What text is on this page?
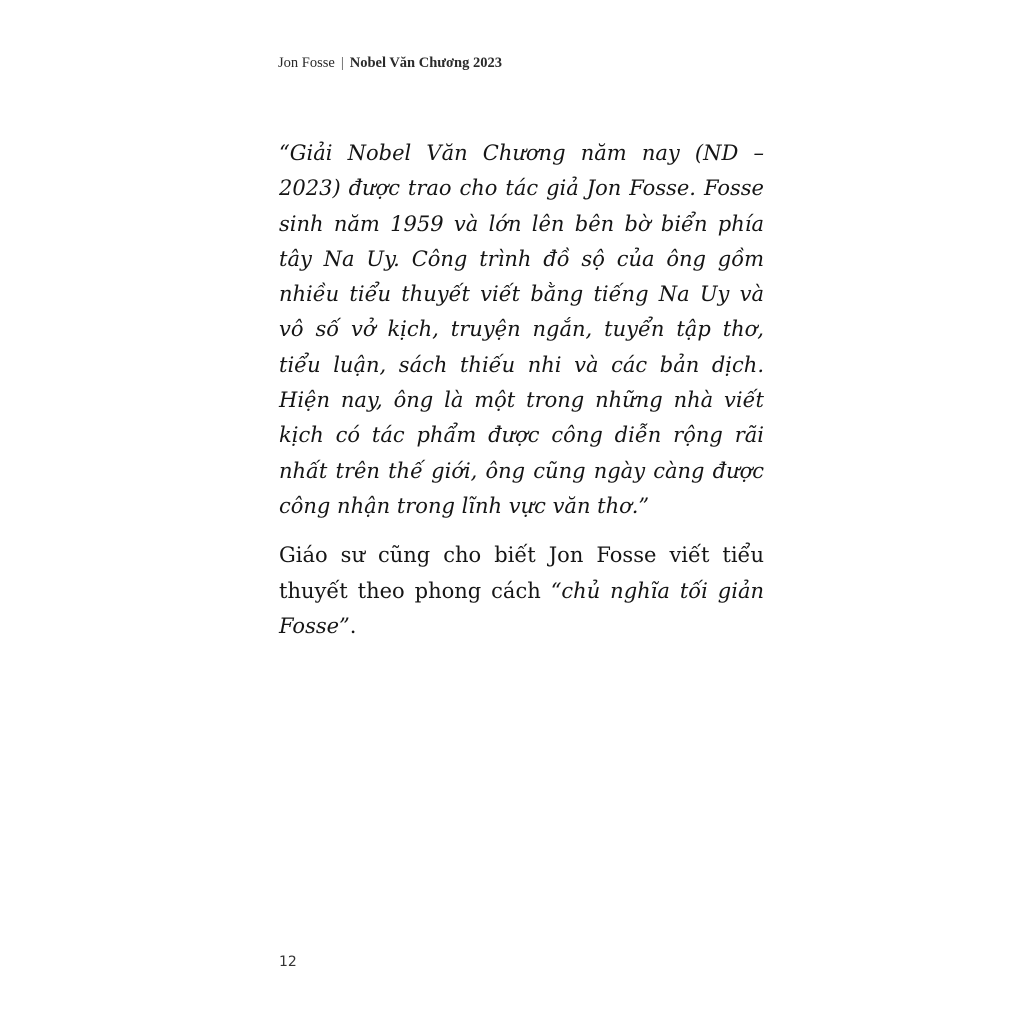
Jon Fosse | Nobel Văn Chương 2023

“Giải Nobel Văn Chương năm nay (ND – 2023) được trao cho tác giả Jon Fosse. Fosse sinh năm 1959 và lớn lên bên bờ biển phía tây Na Uy. Công trình đồ sộ của ông gồm nhiều tiểu thuyết viết bằng tiếng Na Uy và vô số vở kịch, truyện ngắn, tuyển tập thơ, tiểu luận, sách thiếu nhi và các bản dịch. Hiện nay, ông là một trong những nhà viết kịch có tác phẩm được công diễn rộng rãi nhất trên thế giới, ông cũng ngày càng được công nhận trong lĩnh vực văn thơ.”

Giáo sư cũng cho biết Jon Fosse viết tiểu thuyết theo phong cách “chủ nghĩa tối giản Fosse”.

12
